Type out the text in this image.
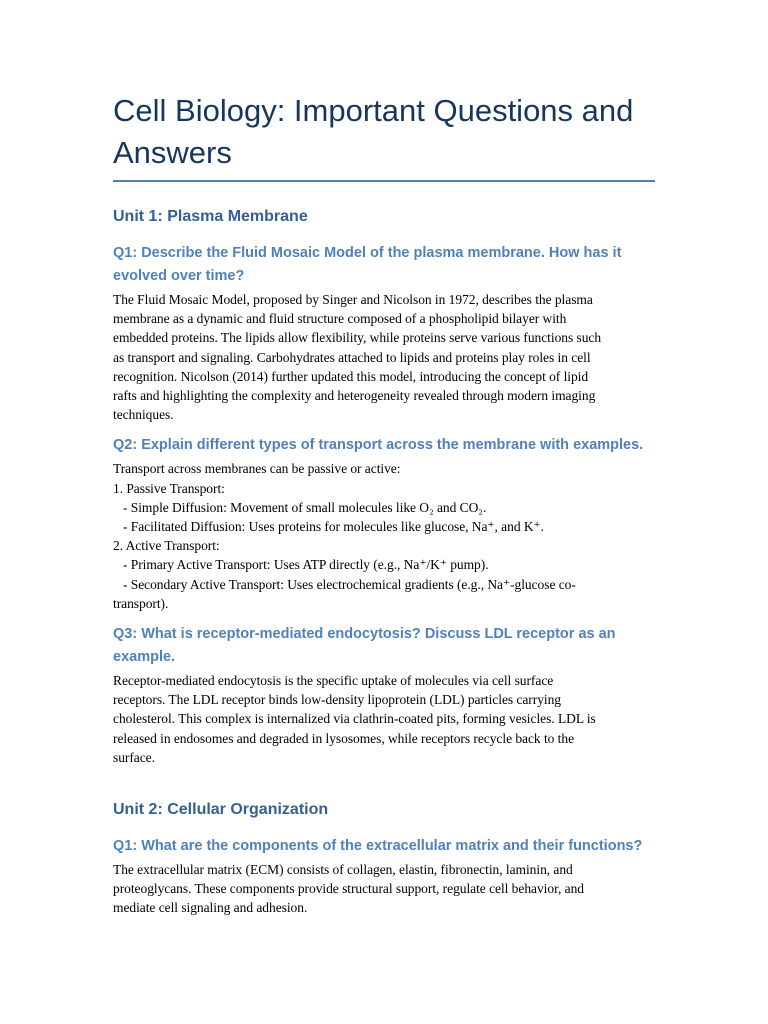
Cell Biology: Important Questions and
Answers
Unit 1: Plasma Membrane
Q1: Describe the Fluid Mosaic Model of the plasma membrane. How has it
evolved over time?
The Fluid Mosaic Model, proposed by Singer and Nicolson in 1972, describes the plasma
membrane as a dynamic and fluid structure composed of a phospholipid bilayer with
embedded proteins. The lipids allow flexibility, while proteins serve various functions such
as transport and signaling. Carbohydrates attached to lipids and proteins play roles in cell
recognition. Nicolson (2014) further updated this model, introducing the concept of lipid
rafts and highlighting the complexity and heterogeneity revealed through modern imaging
techniques.
Q2: Explain different types of transport across the membrane with examples.
Transport across membranes can be passive or active:
1. Passive Transport:
- Simple Diffusion: Movement of small molecules like O₂ and CO₂.
- Facilitated Diffusion: Uses proteins for molecules like glucose, Na⁺, and K⁺.
2. Active Transport:
- Primary Active Transport: Uses ATP directly (e.g., Na⁺/K⁺ pump).
- Secondary Active Transport: Uses electrochemical gradients (e.g., Na⁺-glucose co-
transport).
Q3: What is receptor-mediated endocytosis? Discuss LDL receptor as an
example.
Receptor-mediated endocytosis is the specific uptake of molecules via cell surface
receptors. The LDL receptor binds low-density lipoprotein (LDL) particles carrying
cholesterol. This complex is internalized via clathrin-coated pits, forming vesicles. LDL is
released in endosomes and degraded in lysosomes, while receptors recycle back to the
surface.
Unit 2: Cellular Organization
Q1: What are the components of the extracellular matrix and their functions?
The extracellular matrix (ECM) consists of collagen, elastin, fibronectin, laminin, and
proteoglycans. These components provide structural support, regulate cell behavior, and
mediate cell signaling and adhesion.
